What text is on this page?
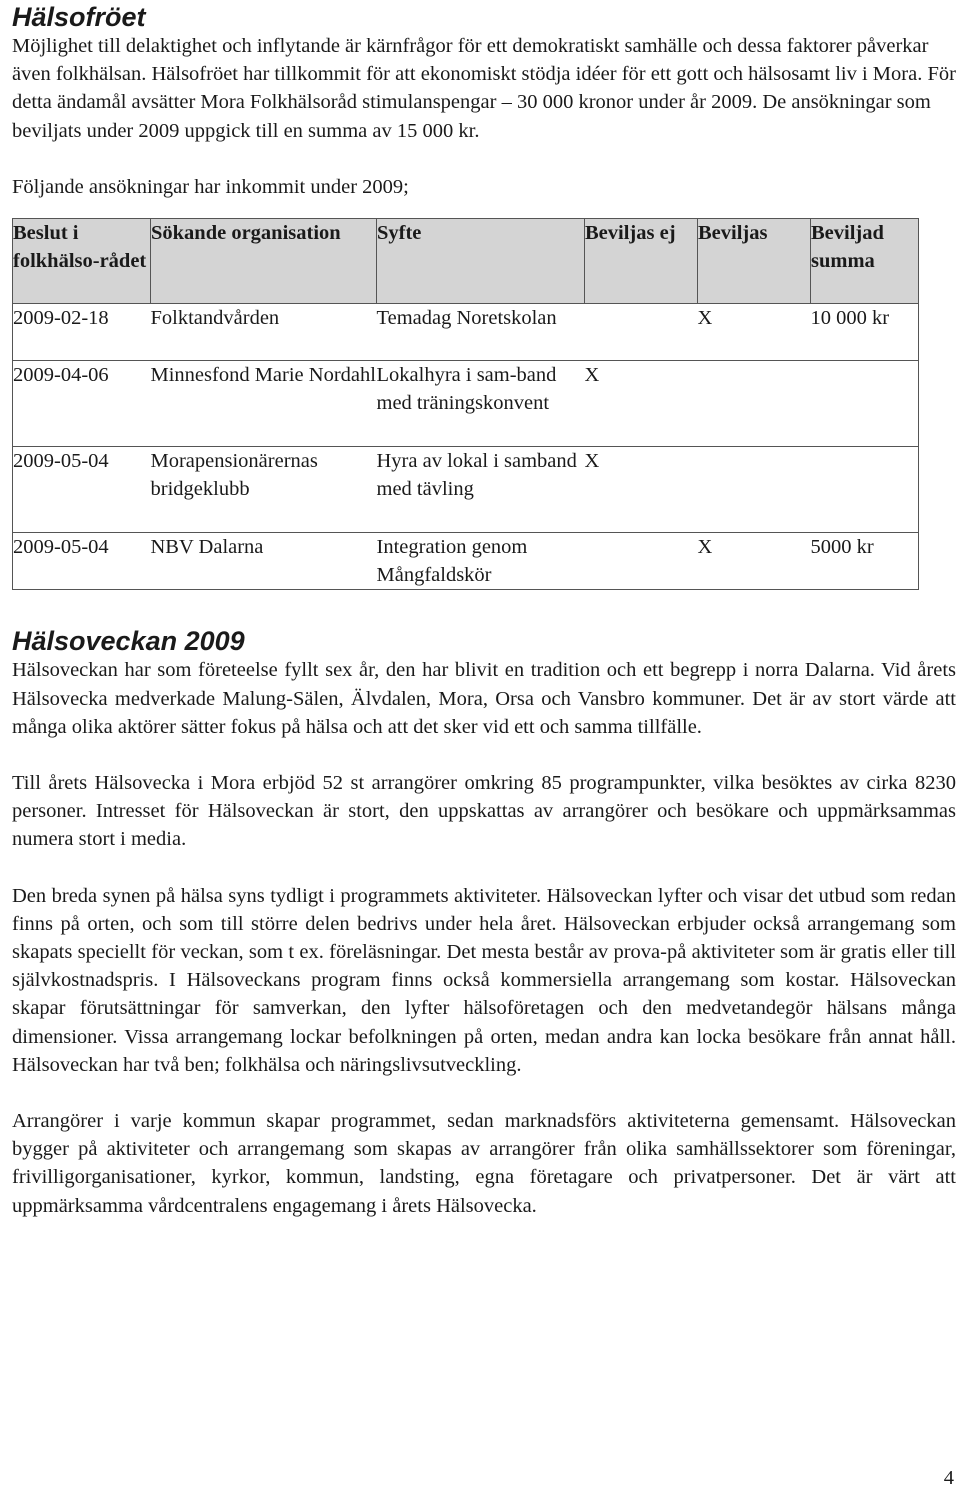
Hälsofröet

Möjlighet till delaktighet och inflytande är kärnfrågor för ett demokratiskt samhälle och dessa faktorer påverkar även folkhälsan. Hälsofröet har tillkommit för att ekonomiskt stödja idéer för ett gott och hälsosamt liv i Mora. För detta ändamål avsätter Mora Folkhälsoråd stimulanspengar – 30 000 kronor under år 2009. De ansökningar som beviljats under 2009 uppgick till en summa av 15 000 kr.

Följande ansökningar har inkommit under 2009;

Beslut i folkhälso-rådet	Sökande organisation	Syfte	Beviljas ej	Beviljas	Beviljad summa
2009-02-18	Folktandvården	Temadag Noretskolan		X	10 000 kr
2009-04-06	Minnesfond Marie Nordahl	Lokalhyra i sam-band med träningskonvent	X		
2009-05-04	Morapensionärernas bridgeklubb	Hyra av lokal i samband med tävling	X		
2009-05-04	NBV Dalarna	Integration genom Mångfaldskör		X	5000 kr
Hälsoveckan 2009

Hälsoveckan har som företeelse fyllt sex år, den har blivit en tradition och ett begrepp i norra Dalarna. Vid årets Hälsovecka medverkade Malung-Sälen, Älvdalen, Mora, Orsa och Vansbro kommuner. Det är av stort värde att många olika aktörer sätter fokus på hälsa och att det sker vid ett och samma tillfälle.

Till årets Hälsovecka i Mora erbjöd 52 st arrangörer omkring 85 programpunkter, vilka besöktes av cirka 8230 personer. Intresset för Hälsoveckan är stort, den uppskattas av arrangörer och besökare och uppmärksammas numera stort i media.

Den breda synen på hälsa syns tydligt i programmets aktiviteter. Hälsoveckan lyfter och visar det utbud som redan finns på orten, och som till större delen bedrivs under hela året. Hälsoveckan erbjuder också arrangemang som skapats speciellt för veckan, som t ex. föreläsningar. Det mesta består av prova-på aktiviteter som är gratis eller till självkostnadspris. I Hälsoveckans program finns också kommersiella arrangemang som kostar. Hälsoveckan skapar förutsättningar för samverkan, den lyfter hälsoföretagen och den medvetandegör hälsans många dimensioner. Vissa arrangemang lockar befolkningen på orten, medan andra kan locka besökare från annat håll. Hälsoveckan har två ben; folkhälsa och näringslivsutveckling.

Arrangörer i varje kommun skapar programmet, sedan marknadsförs aktiviteterna gemensamt. Hälsoveckan bygger på aktiviteter och arrangemang som skapas av arrangörer från olika samhällssektorer som föreningar, frivilligorganisationer, kyrkor, kommun, landsting, egna företagare och privatpersoner. Det är värt att uppmärksamma vårdcentralens engagemang i årets Hälsovecka.

4
